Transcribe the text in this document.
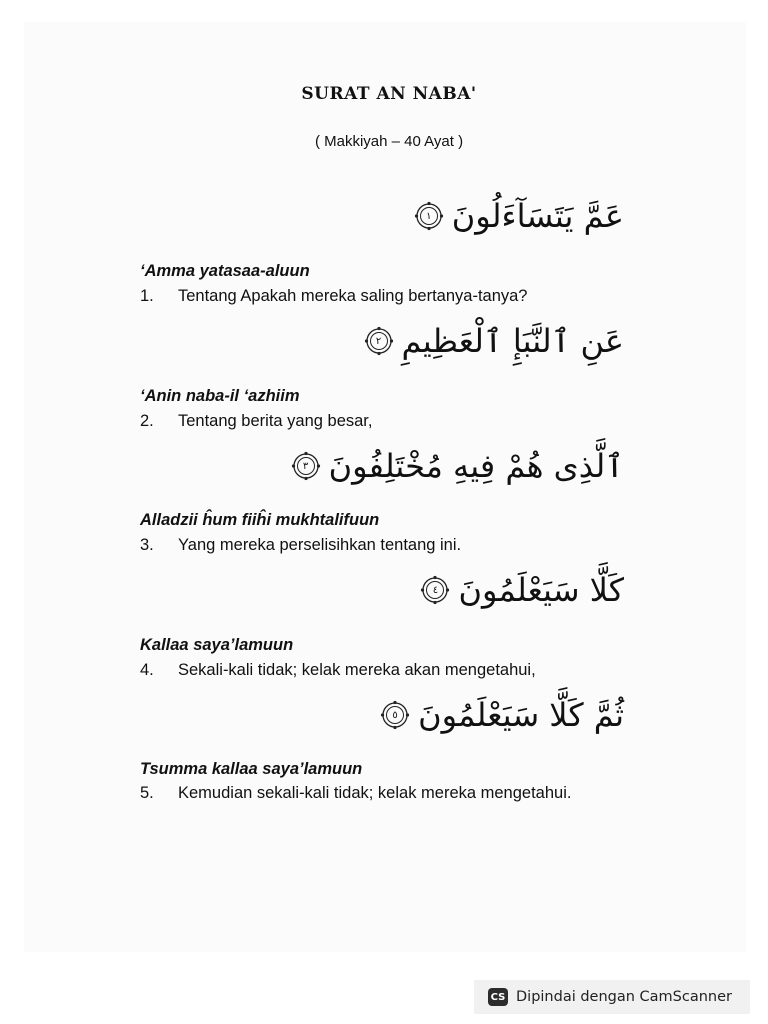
SURAT AN NABA'
( Makkiyah – 40 Ayat )
عَمَّ يَتَسَآءَلُونَ
١
‘Amma yatasaa-aluun
1.	Tentang Apakah mereka saling bertanya-tanya?
عَنِ ٱلنَّبَإِ ٱلْعَظِيمِ
٢
‘Anin naba-il ‘azhiim
2.	Tentang berita yang besar,
ٱلَّذِى هُمْ فِيهِ مُخْتَلِفُونَ
٣
Alladzii ĥum fiiĥi mukhtalifuun
3.	Yang mereka perselisihkan tentang ini.
كَلَّا سَيَعْلَمُونَ
٤
Kallaa saya’lamuun
4.	Sekali-kali tidak; kelak mereka akan mengetahui,
ثُمَّ كَلَّا سَيَعْلَمُونَ
٥
Tsumma kallaa saya’lamuun
5.	Kemudian sekali-kali tidak; kelak mereka mengetahui.
CS Dipindai dengan CamScanner
